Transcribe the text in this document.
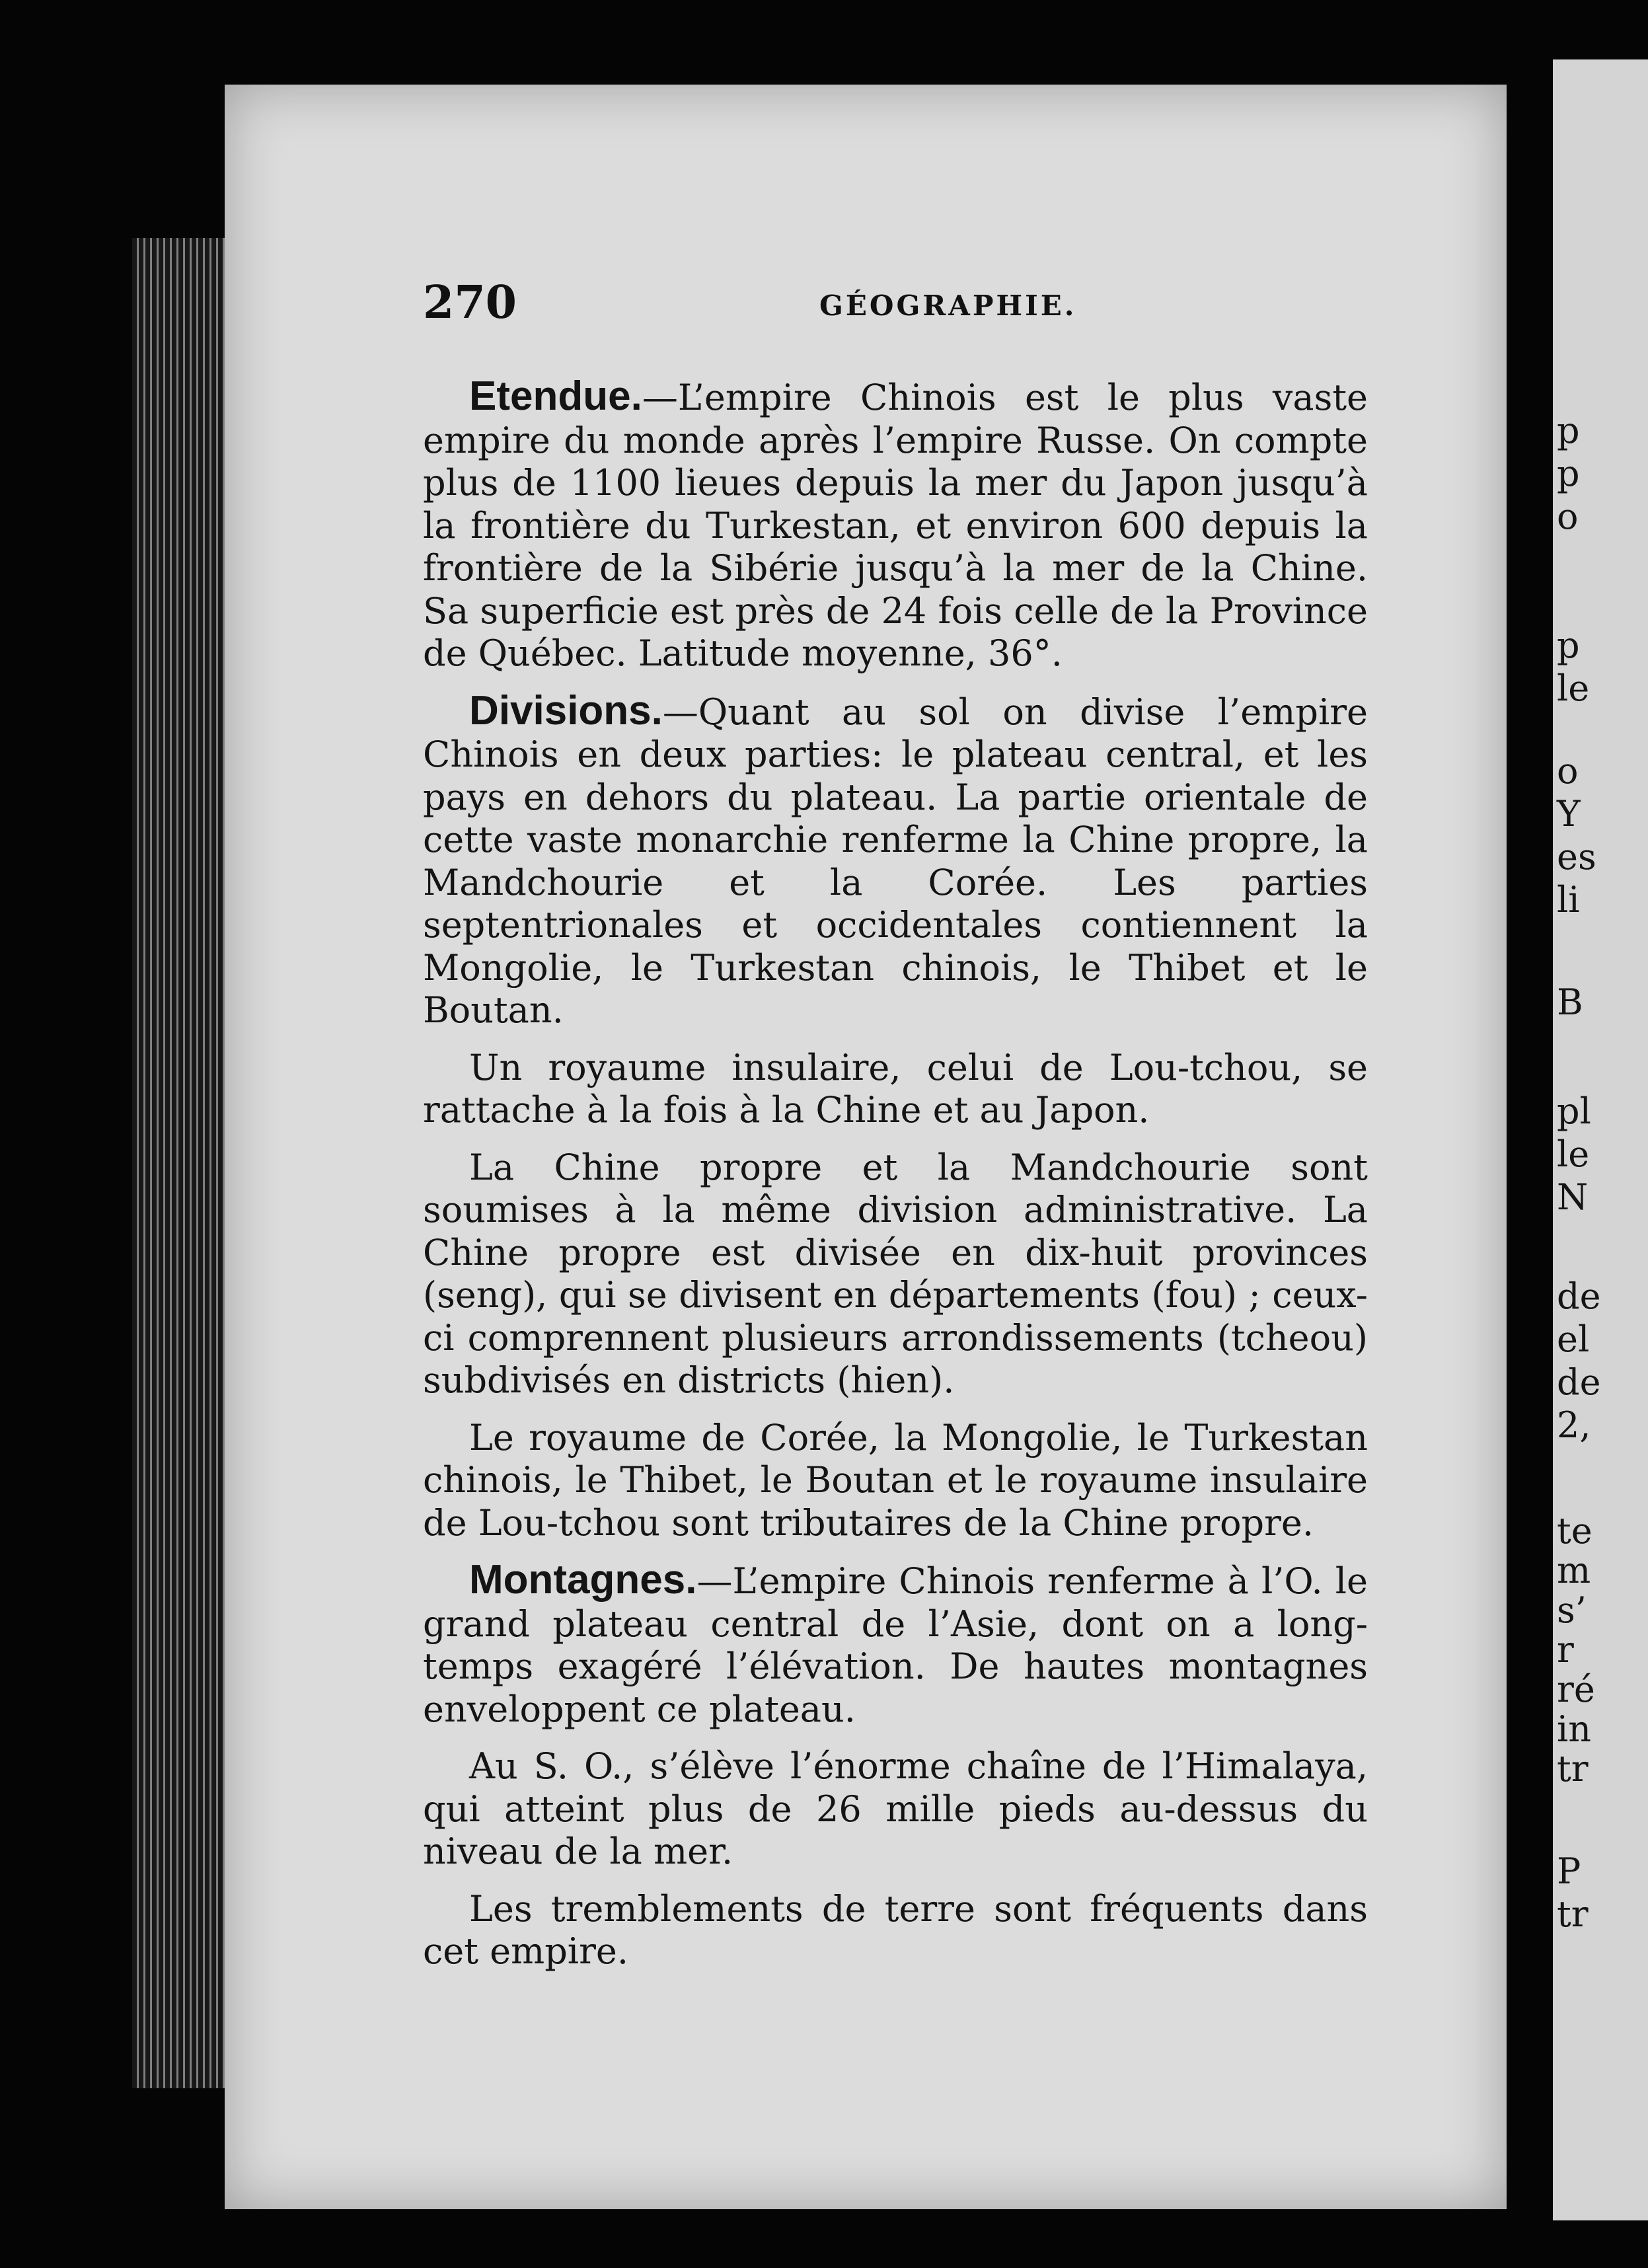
270	GÉOGRAPHIE.

Etendue.—L’empire Chinois est le plus vaste empire du monde après l’empire Russe. On compte plus de 1100 lieues depuis la mer du Japon jusqu’à la frontière du Turkestan, et environ 600 depuis la frontière de la Sibérie jusqu’à la mer de la Chine. Sa superficie est près de 24 fois celle de la Province de Québec. Latitude moyenne, 36°.

Divisions.—Quant au sol on divise l’empire Chinois en deux parties: le plateau central, et les pays en dehors du plateau. La partie orientale de cette vaste monarchie renferme la Chine propre, la Mandchourie et la Corée. Les parties septentrionales et occidentales contiennent la Mongolie, le Turkestan chinois, le Thibet et le Boutan.

Un royaume insulaire, celui de Lou-tchou, se rattache à la fois à la Chine et au Japon.

La Chine propre et la Mandchourie sont soumises à la même division administrative. La Chine propre est divisée en dix-huit provinces (seng), qui se divisent en départements (fou) ; ceux-ci comprennent plusieurs arrondissements (tcheou) subdivisés en districts (hien).

Le royaume de Corée, la Mongolie, le Turkestan chinois, le Thibet, le Boutan et le royaume insulaire de Lou-tchou sont tributaires de la Chine propre.

Montagnes.—L’empire Chinois renferme à l’O. le grand plateau central de l’Asie, dont on a long-temps exagéré l’élévation. De hautes montagnes enveloppent ce plateau.

Au S. O., s’élève l’énorme chaîne de l’Himalaya, qui atteint plus de 26 mille pieds au-dessus du niveau de la mer.

Les tremblements de terre sont fréquents dans cet empire.

p
p
o
p
le
o
Y
es
li
B
pl
le
N
de
el
de
2,
te
m
s’
r
ré
in
tr
P
tr
